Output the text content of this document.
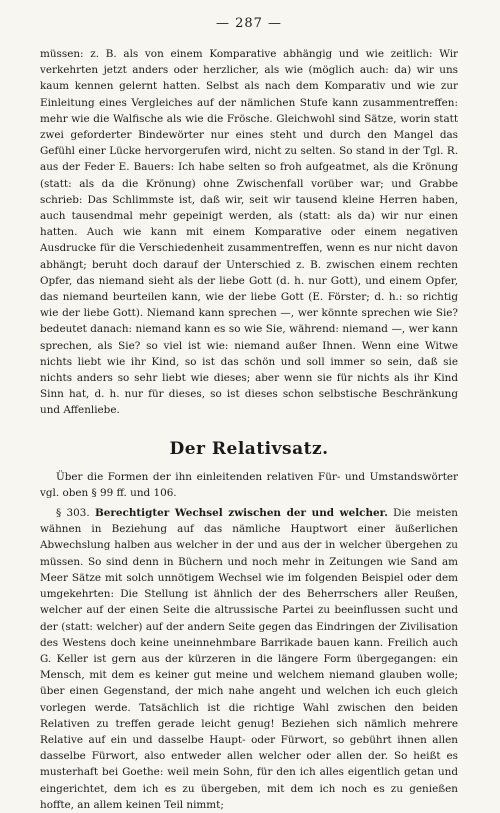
— 287 —

müssen: z. B. als von einem Komparative abhängig und wie zeitlich: Wir verkehrten jetzt anders oder herzlicher, als wie (möglich auch: da) wir uns kaum kennen gelernt hatten. Selbst als nach dem Komparativ und wie zur Einleitung eines Vergleiches auf der nämlichen Stufe kann zusammentreffen: mehr wie die Walfische als wie die Frösche. Gleichwohl sind Sätze, worin statt zwei geforderter Bindewörter nur eines steht und durch den Mangel das Gefühl einer Lücke hervorgerufen wird, nicht zu selten. So stand in der Tgl. R. aus der Feder E. Bauers: Ich habe selten so froh aufgeatmet, als die Krönung (statt: als da die Krönung) ohne Zwischenfall vorüber war; und Grabbe schrieb: Das Schlimmste ist, daß wir, seit wir tausend kleine Herren haben, auch tausendmal mehr gepeinigt werden, als (statt: als da) wir nur einen hatten. Auch wie kann mit einem Komparative oder einem negativen Ausdrucke für die Verschiedenheit zusammentreffen, wenn es nur nicht davon abhängt; beruht doch darauf der Unterschied z. B. zwischen einem rechten Opfer, das niemand sieht als der liebe Gott (d. h. nur Gott), und einem Opfer, das niemand beurteilen kann, wie der liebe Gott (E. Förster; d. h.: so richtig wie der liebe Gott). Niemand kann sprechen —, wer könnte sprechen wie Sie? bedeutet danach: niemand kann es so wie Sie, während: niemand —, wer kann sprechen, als Sie? so viel ist wie: niemand außer Ihnen. Wenn eine Witwe nichts liebt wie ihr Kind, so ist das schön und soll immer so sein, daß sie nichts anders so sehr liebt wie dieses; aber wenn sie für nichts als ihr Kind Sinn hat, d. h. nur für dieses, so ist dieses schon selbstische Beschränkung und Affenliebe.

Der Relativsatz.

Über die Formen der ihn einleitenden relativen Für- und Umstandswörter vgl. oben § 99 ff. und 106.

§ 303. Berechtigter Wechsel zwischen der und welcher. Die meisten wähnen in Beziehung auf das nämliche Hauptwort einer äußerlichen Abwechslung halben aus welcher in der und aus der in welcher übergehen zu müssen. So sind denn in Büchern und noch mehr in Zeitungen wie Sand am Meer Sätze mit solch unnötigem Wechsel wie im folgenden Beispiel oder dem umgekehrten: Die Stellung ist ähnlich der des Beherrschers aller Reußen, welcher auf der einen Seite die altrussische Partei zu beeinflussen sucht und der (statt: welcher) auf der andern Seite gegen das Eindringen der Zivilisation des Westens doch keine uneinnehmbare Barrikade bauen kann. Freilich auch G. Keller ist gern aus der kürzeren in die längere Form übergegangen: ein Mensch, mit dem es keiner gut meine und welchem niemand glauben wolle; über einen Gegenstand, der mich nahe angeht und welchen ich euch gleich vorlegen werde. Tatsächlich ist die richtige Wahl zwischen den beiden Relativen zu treffen gerade leicht genug! Beziehen sich nämlich mehrere Relative auf ein und dasselbe Haupt- oder Fürwort, so gebührt ihnen allen dasselbe Fürwort, also entweder allen welcher oder allen der. So heißt es musterhaft bei Goethe: weil mein Sohn, für den ich alles eigentlich getan und eingerichtet, dem ich es zu übergeben, mit dem ich noch es zu genießen hoffte, an allem keinen Teil nimmt;
